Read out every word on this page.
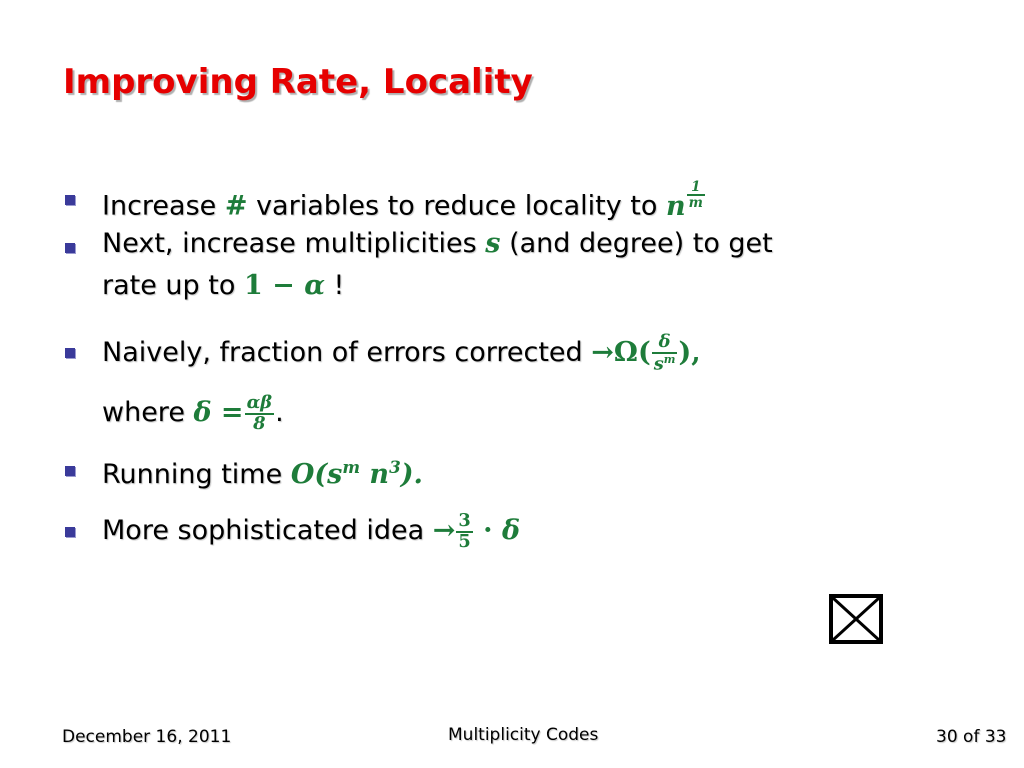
Improving Rate, Locality
Increase # variables to reduce locality to n $\frac{1}{m}$
Next, increase multiplicities s (and degree) to get
rate up to 1 − α !
Naively, fraction of errors corrected $\to\Omega( \frac{\delta}{s^m}$ ),
where $\delta = \frac{\alpha\beta}{8}$ .
Running time $O(s^m$ $n^3$).
More sophisticated idea → $\frac{3}{5} \cdot \delta$
December 16, 2011	Multiplicity Codes	30 of 33
